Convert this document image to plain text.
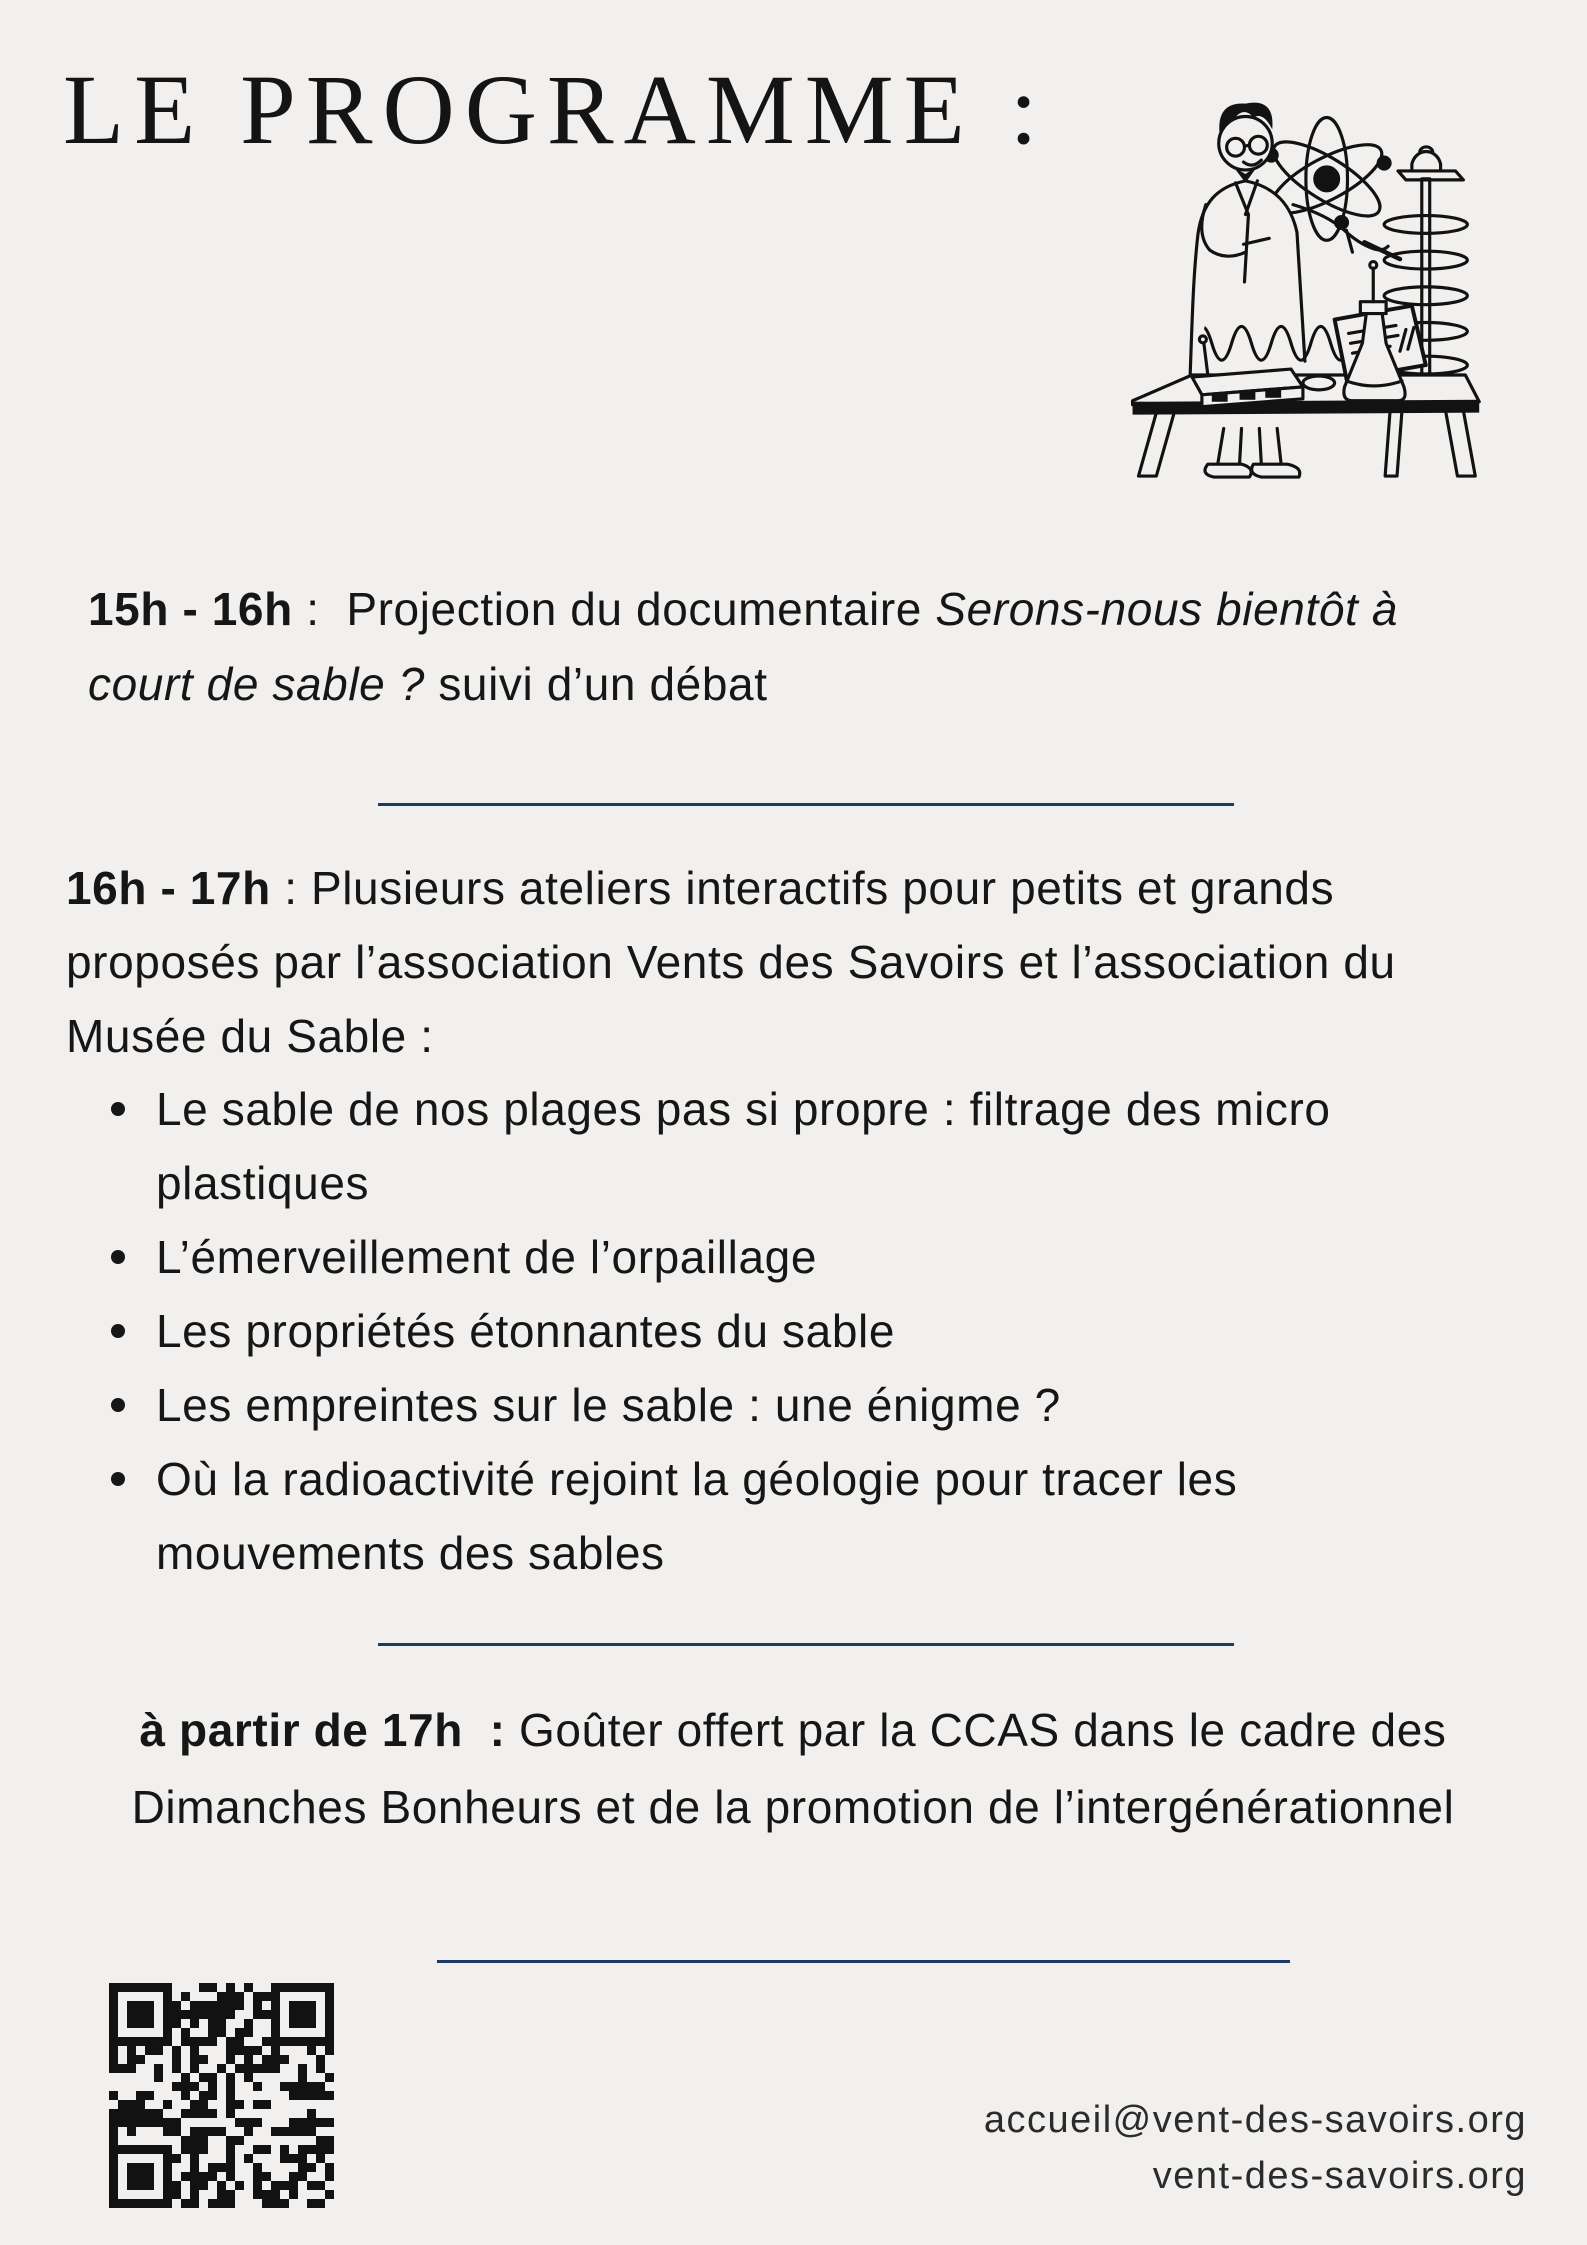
LE PROGRAMME :

15h - 16h :  Projection du documentaire Serons-nous bientôt à court de sable ? suivi d’un débat

16h - 17h : Plusieurs ateliers interactifs pour petits et grands proposés par l’association Vents des Savoirs et l’association du Musée du Sable :

Le sable de nos plages pas si propre : filtrage des micro plastiques
L’émerveillement de l’orpaillage
Les propriétés étonnantes du sable
Les empreintes sur le sable : une énigme ?
Où la radioactivité rejoint la géologie pour tracer les mouvements des sables

à partir de 17h  : Goûter offert par la CCAS dans le cadre des Dimanches Bonheurs et de la promotion de l’intergénérationnel

accueil@vent-des-savoirs.org
vent-des-savoirs.org
